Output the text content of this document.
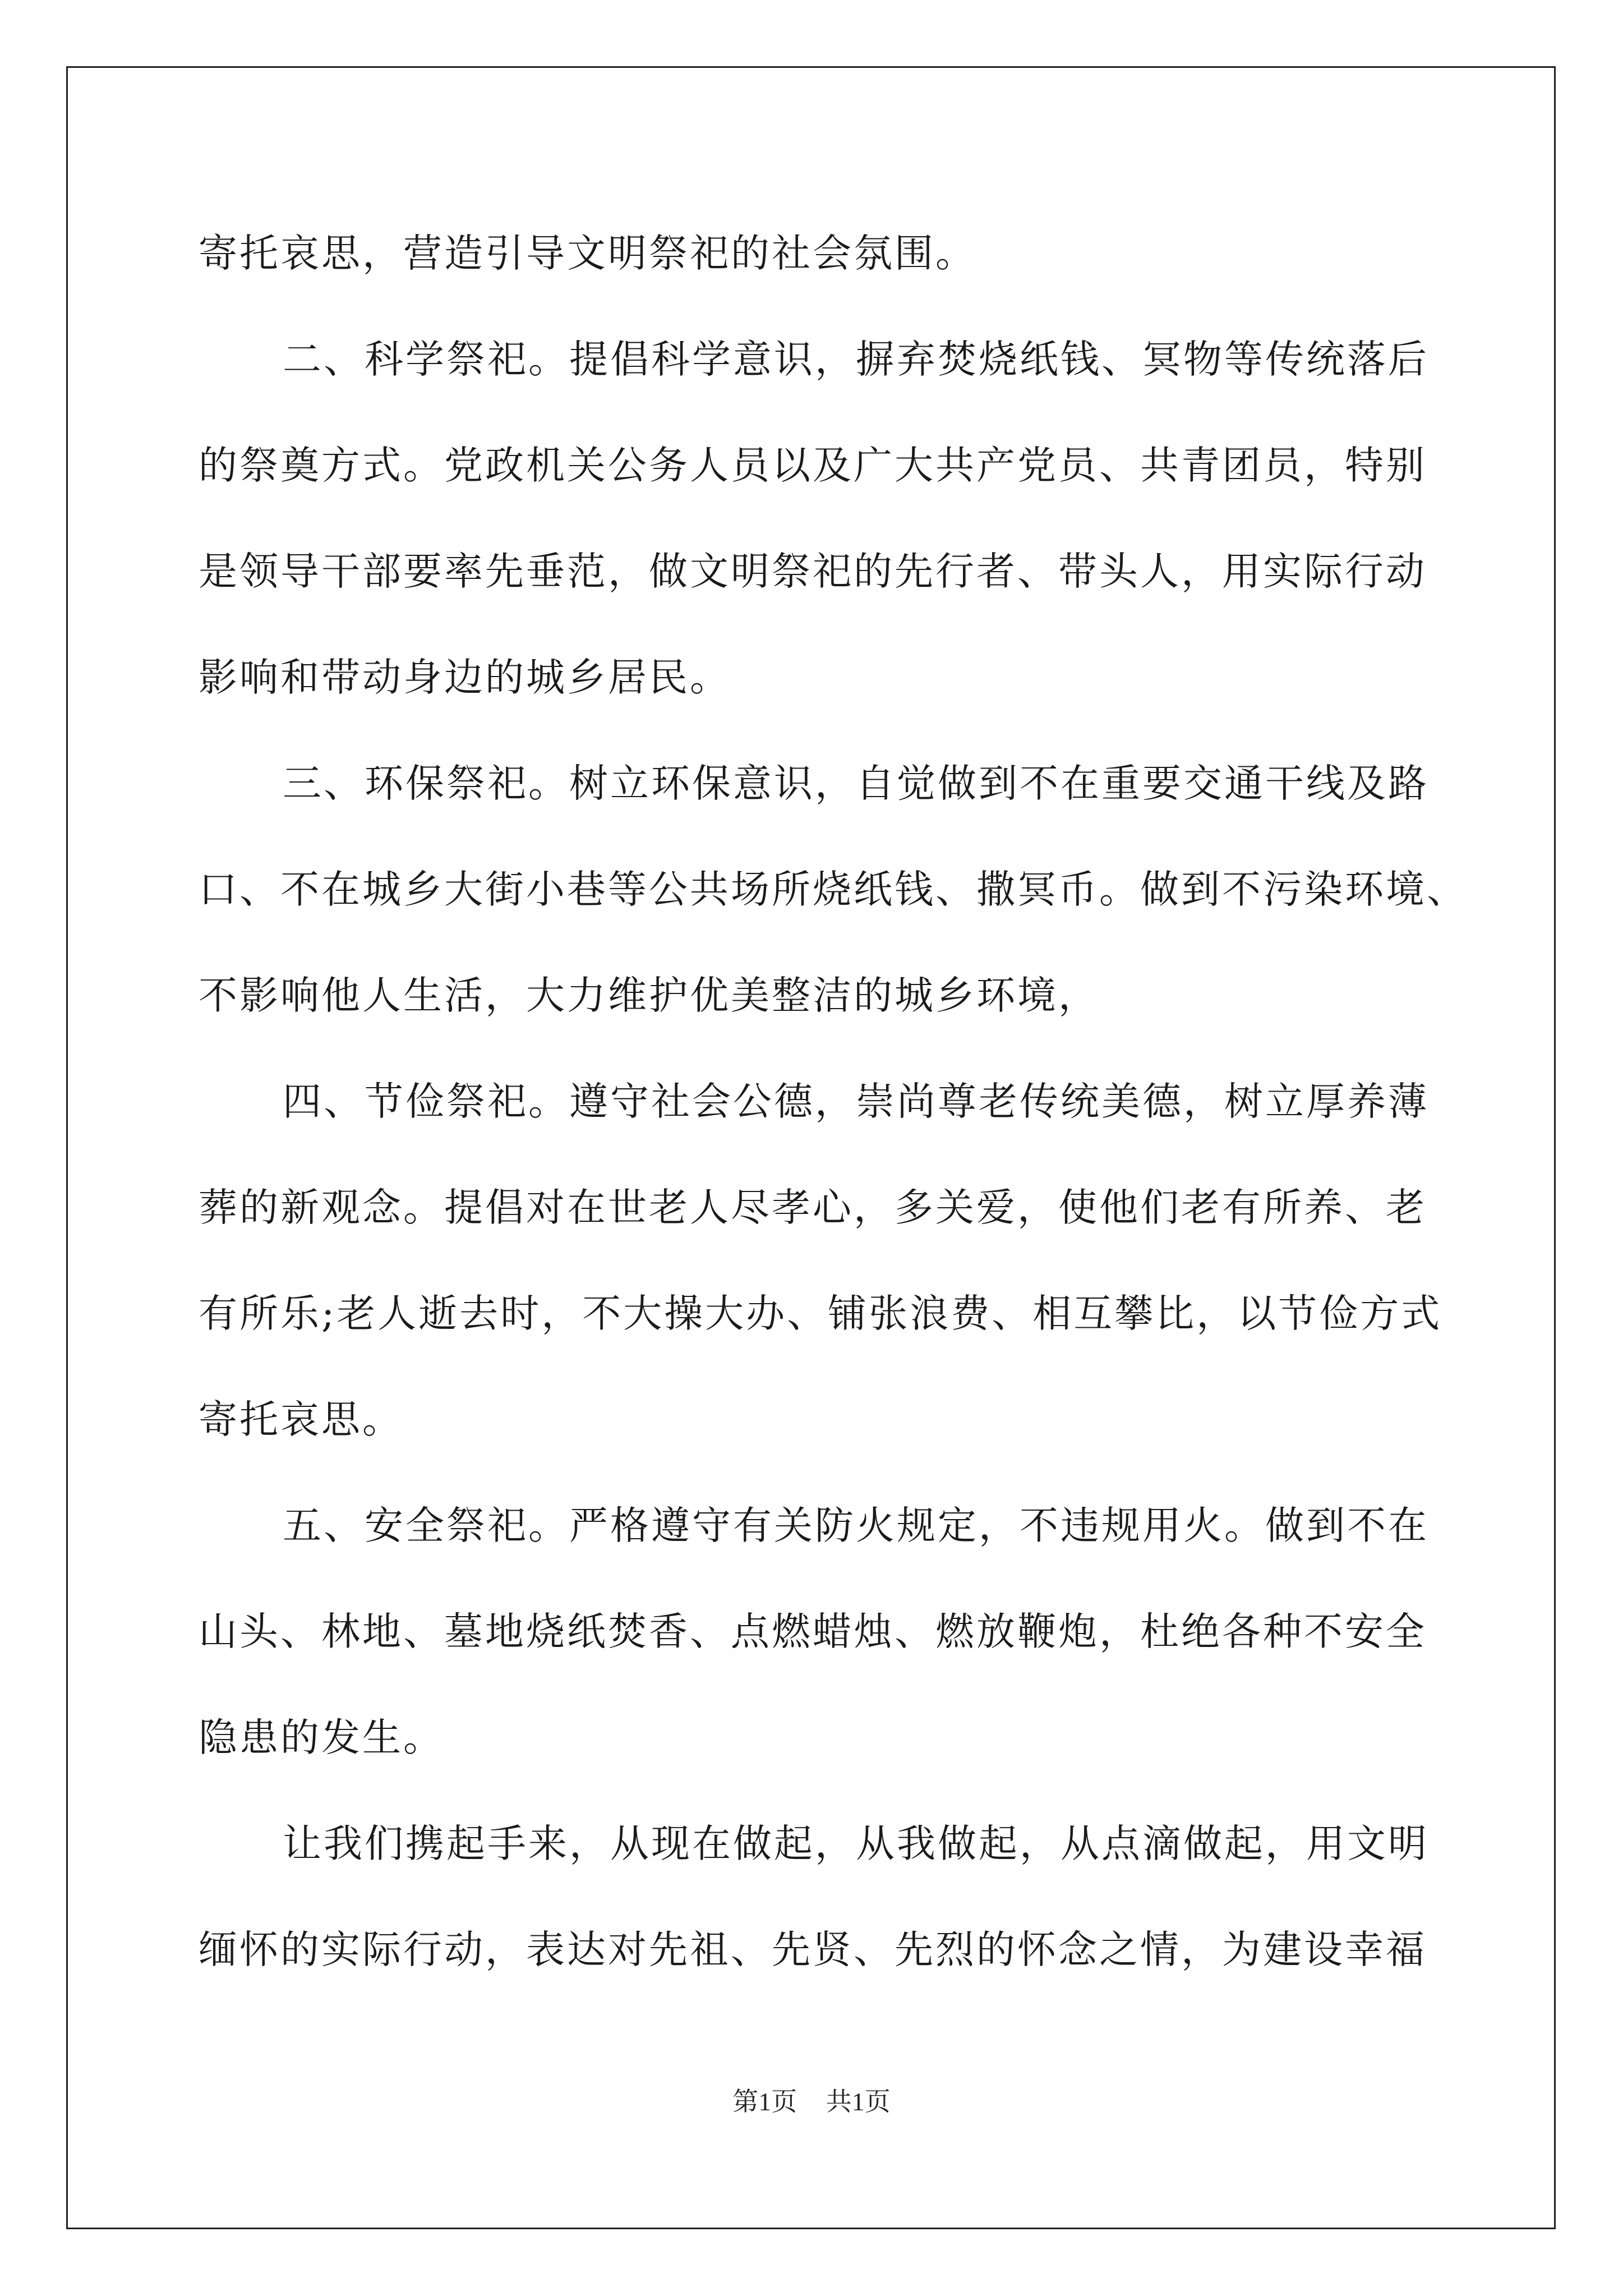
寄托哀思，营造引导文明祭祀的社会氛围。
二、科学祭祀。提倡科学意识，摒弃焚烧纸钱、冥物等传统落后
的祭奠方式。党政机关公务人员以及广大共产党员、共青团员，特别
是领导干部要率先垂范，做文明祭祀的先行者、带头人，用实际行动
影响和带动身边的城乡居民。
三、环保祭祀。树立环保意识，自觉做到不在重要交通干线及路
口、不在城乡大街小巷等公共场所烧纸钱、撒冥币。做到不污染环境、
不影响他人生活，大力维护优美整洁的城乡环境，
四、节俭祭祀。遵守社会公德，崇尚尊老传统美德，树立厚养薄
葬的新观念。提倡对在世老人尽孝心，多关爱，使他们老有所养、老
有所乐;老人逝去时，不大操大办、铺张浪费、相互攀比，以节俭方式
寄托哀思。
五、安全祭祀。严格遵守有关防火规定，不违规用火。做到不在
山头、林地、墓地烧纸焚香、点燃蜡烛、燃放鞭炮，杜绝各种不安全
隐患的发生。
让我们携起手来，从现在做起，从我做起，从点滴做起，用文明
缅怀的实际行动，表达对先祖、先贤、先烈的怀念之情，为建设幸福
第1页 共1页
